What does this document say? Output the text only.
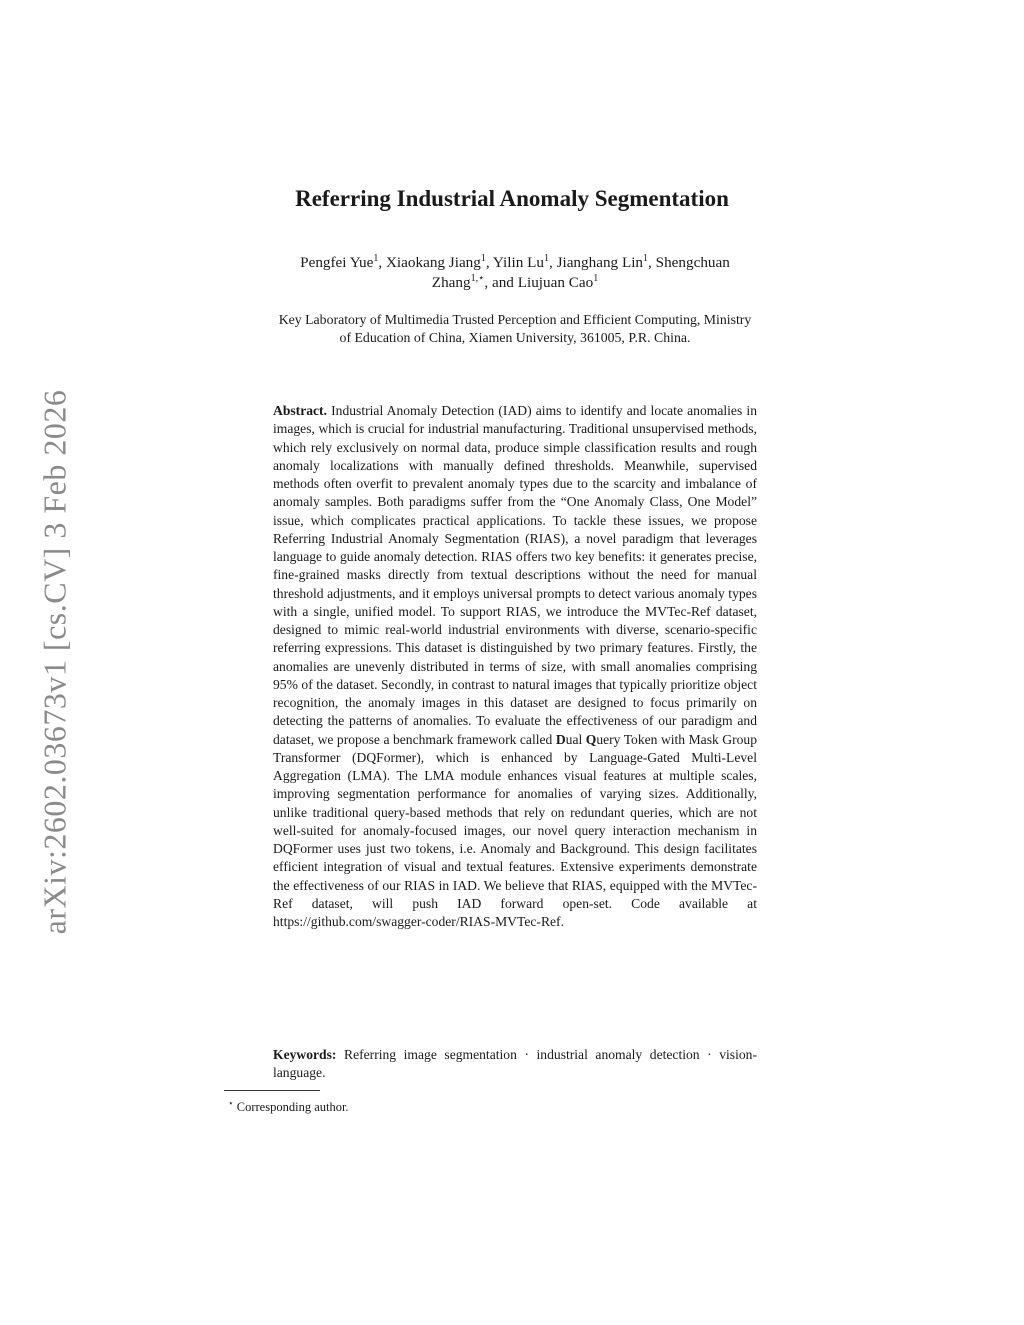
arXiv:2602.03673v1 [cs.CV] 3 Feb 2026
Referring Industrial Anomaly Segmentation
Pengfei Yue$^1$, Xiaokang Jiang$^1$, Yilin Lu$^1$, Jianghang Lin$^1$, Shengchuan
Zhang$^{1,⋆}$, and Liujuan Cao$^1$
Key Laboratory of Multimedia Trusted Perception and Efficient Computing, Ministry
of Education of China, Xiamen University, 361005, P.R. China.
Abstract. Industrial Anomaly Detection (IAD) aims to identify and locate anomalies in images, which is crucial for industrial manufacturing. Traditional unsupervised methods, which rely exclusively on normal data, produce simple classification results and rough anomaly localizations with manually defined thresholds. Meanwhile, supervised methods often overfit to prevalent anomaly types due to the scarcity and imbalance of anomaly samples. Both paradigms suffer from the “One Anomaly Class, One Model” issue, which complicates practical applications. To tackle these issues, we propose Referring Industrial Anomaly Segmentation (RIAS), a novel paradigm that leverages language to guide anomaly detection. RIAS offers two key benefits: it generates precise, fine-grained masks directly from textual descriptions without the need for manual threshold adjustments, and it employs universal prompts to detect various anomaly types with a single, unified model. To support RIAS, we introduce the MVTec-Ref dataset, designed to mimic real-world industrial environments with diverse, scenario-specific referring expressions. This dataset is distinguished by two primary features. Firstly, the anomalies are unevenly distributed in terms of size, with small anomalies comprising 95% of the dataset. Secondly, in contrast to natural images that typically prioritize object recognition, the anomaly images in this dataset are designed to focus primarily on detecting the patterns of anomalies. To evaluate the effectiveness of our paradigm and dataset, we propose a benchmark framework called Dual Query Token with Mask Group Transformer (DQFormer), which is enhanced by Language-Gated Multi-Level Aggregation (LMA). The LMA module enhances visual features at multiple scales, improving segmentation performance for anomalies of varying sizes. Additionally, unlike traditional query-based methods that rely on redundant queries, which are not well-suited for anomaly-focused images, our novel query interaction mechanism in DQFormer uses just two tokens, i.e. Anomaly and Background. This design facilitates efficient integration of visual and textual features. Extensive experiments demonstrate the effectiveness of our RIAS in IAD. We believe that RIAS, equipped with the MVTec-Ref dataset, will push IAD forward open-set. Code available at https://github.com/swagger-coder/RIAS-MVTec-Ref.
Keywords: Referring image segmentation · industrial anomaly detection · vision-language.
⋆ Corresponding author.
